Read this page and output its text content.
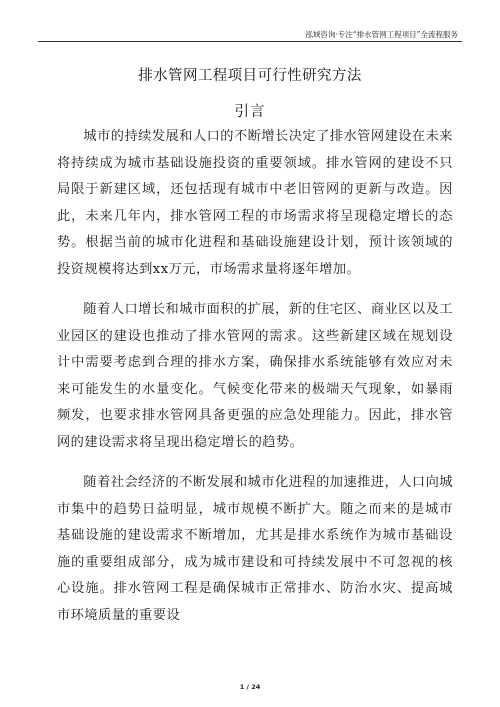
泓域咨询·专注“排水管网工程项目”全流程服务
排水管网工程项目可行性研究方法
引言

城市的持续发展和人口的不断增长决定了排水管网建设在未来将持续成为城市基础设施投资的重要领域。排水管网的建设不只局限于新建区域，还包括现有城市中老旧管网的更新与改造。因此，未来几年内，排水管网工程的市场需求将呈现稳定增长的态势。根据当前的城市化进程和基础设施建设计划，预计该领域的投资规模将达到xx万元，市场需求量将逐年增加。

随着人口增长和城市面积的扩展，新的住宅区、商业区以及工业园区的建设也推动了排水管网的需求。这些新建区域在规划设计中需要考虑到合理的排水方案，确保排水系统能够有效应对未来可能发生的水量变化。气候变化带来的极端天气现象，如暴雨频发，也要求排水管网具备更强的应急处理能力。因此，排水管网的建设需求将呈现出稳定增长的趋势。

随着社会经济的不断发展和城市化进程的加速推进，人口向城市集中的趋势日益明显，城市规模不断扩大。随之而来的是城市基础设施的建设需求不断增加，尤其是排水系统作为城市基础设施的重要组成部分，成为城市建设和可持续发展中不可忽视的核心设施。排水管网工程是确保城市正常排水、防治水灾、提高城市环境质量的重要设

1 / 24
